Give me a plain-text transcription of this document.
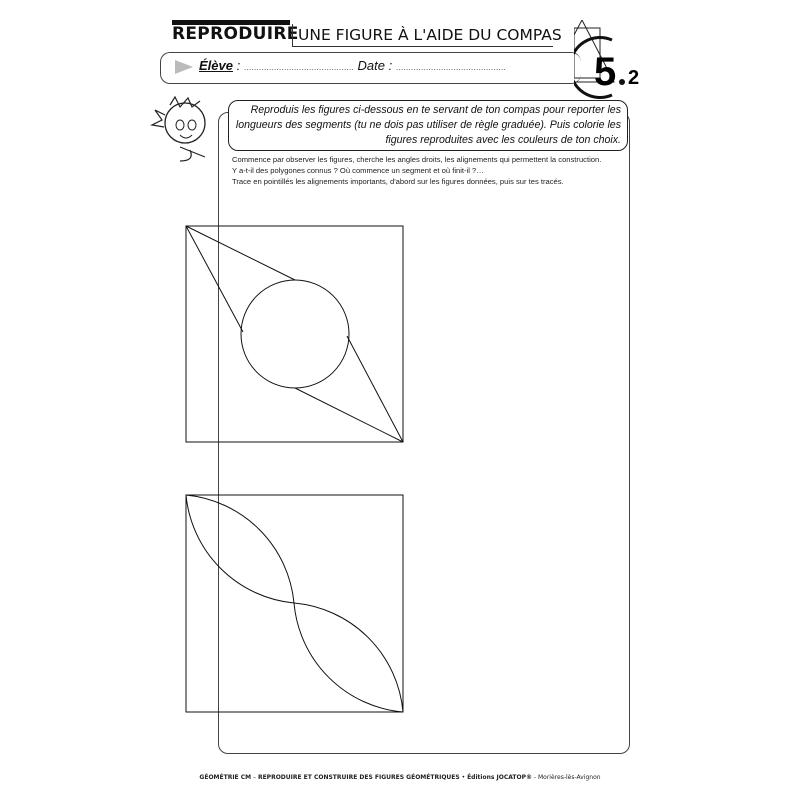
REPRODUIRE UNE FIGURE À L'AIDE DU COMPAS
Élève : ............................................ Date : ............................................ 5 2
Reproduis les figures ci-dessous en te servant de ton compas pour reporter les longueurs des segments (tu ne dois pas utiliser de règle graduée). Puis colorie les figures reproduites avec les couleurs de ton choix.
Commence par observer les figures, cherche les angles droits, les alignements qui permettent la construction.
Y a-t-il des polygones connus ? Où commence un segment et où finit-il ?…
Trace en pointillés les alignements importants, d'abord sur les figures données, puis sur tes tracés.
GÉOMÉTRIE CM – REPRODUIRE ET CONSTRUIRE DES FIGURES GÉOMÉTRIQUES • Éditions JOCATOP® - Morières-lès-Avignon
